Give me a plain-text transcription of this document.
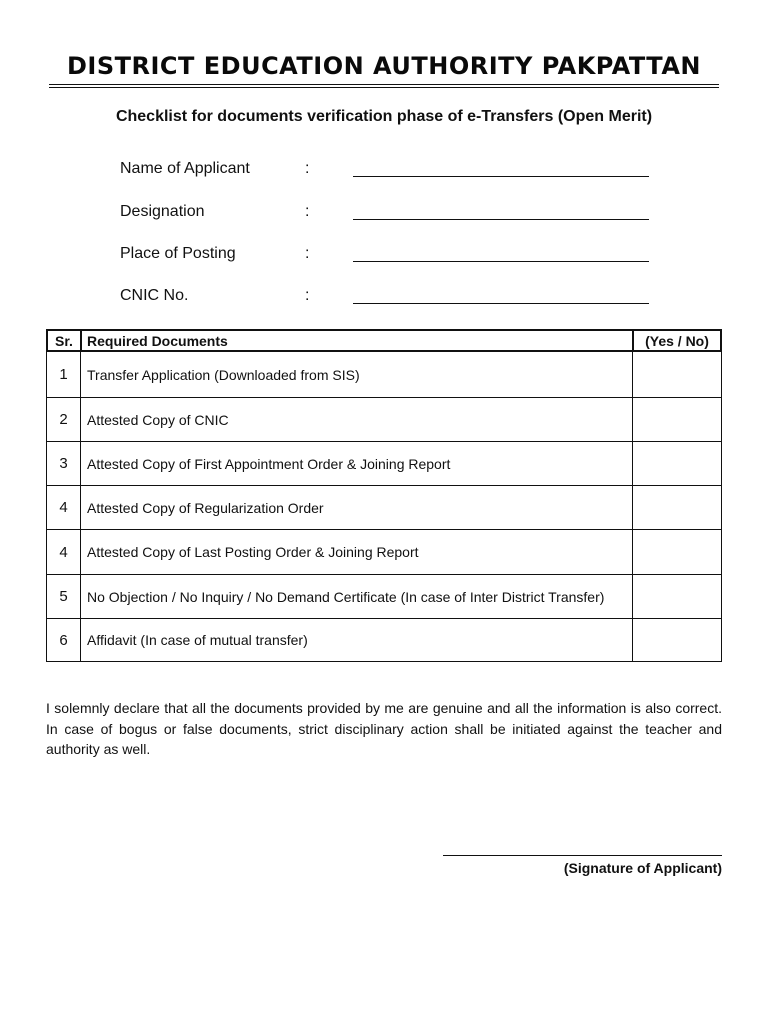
DISTRICT EDUCATION AUTHORITY PAKPATTAN
Checklist for documents verification phase of e-Transfers (Open Merit)
Name of Applicant	:
Designation	:
Place of Posting	:
CNIC No.	:
Sr.	Required Documents	(Yes / No)
1	Transfer Application (Downloaded from SIS)	
2	Attested Copy of CNIC	
3	Attested Copy of First Appointment Order & Joining Report	
4	Attested Copy of Regularization Order	
4	Attested Copy of Last Posting Order & Joining Report	
5	No Objection / No Inquiry / No Demand Certificate (In case of Inter District Transfer)	
6	Affidavit (In case of mutual transfer)	
I solemnly declare that all the documents provided by me are genuine and all the information is also correct. In case of bogus or false documents, strict disciplinary action shall be initiated against the teacher and authority as well.
(Signature of Applicant)
